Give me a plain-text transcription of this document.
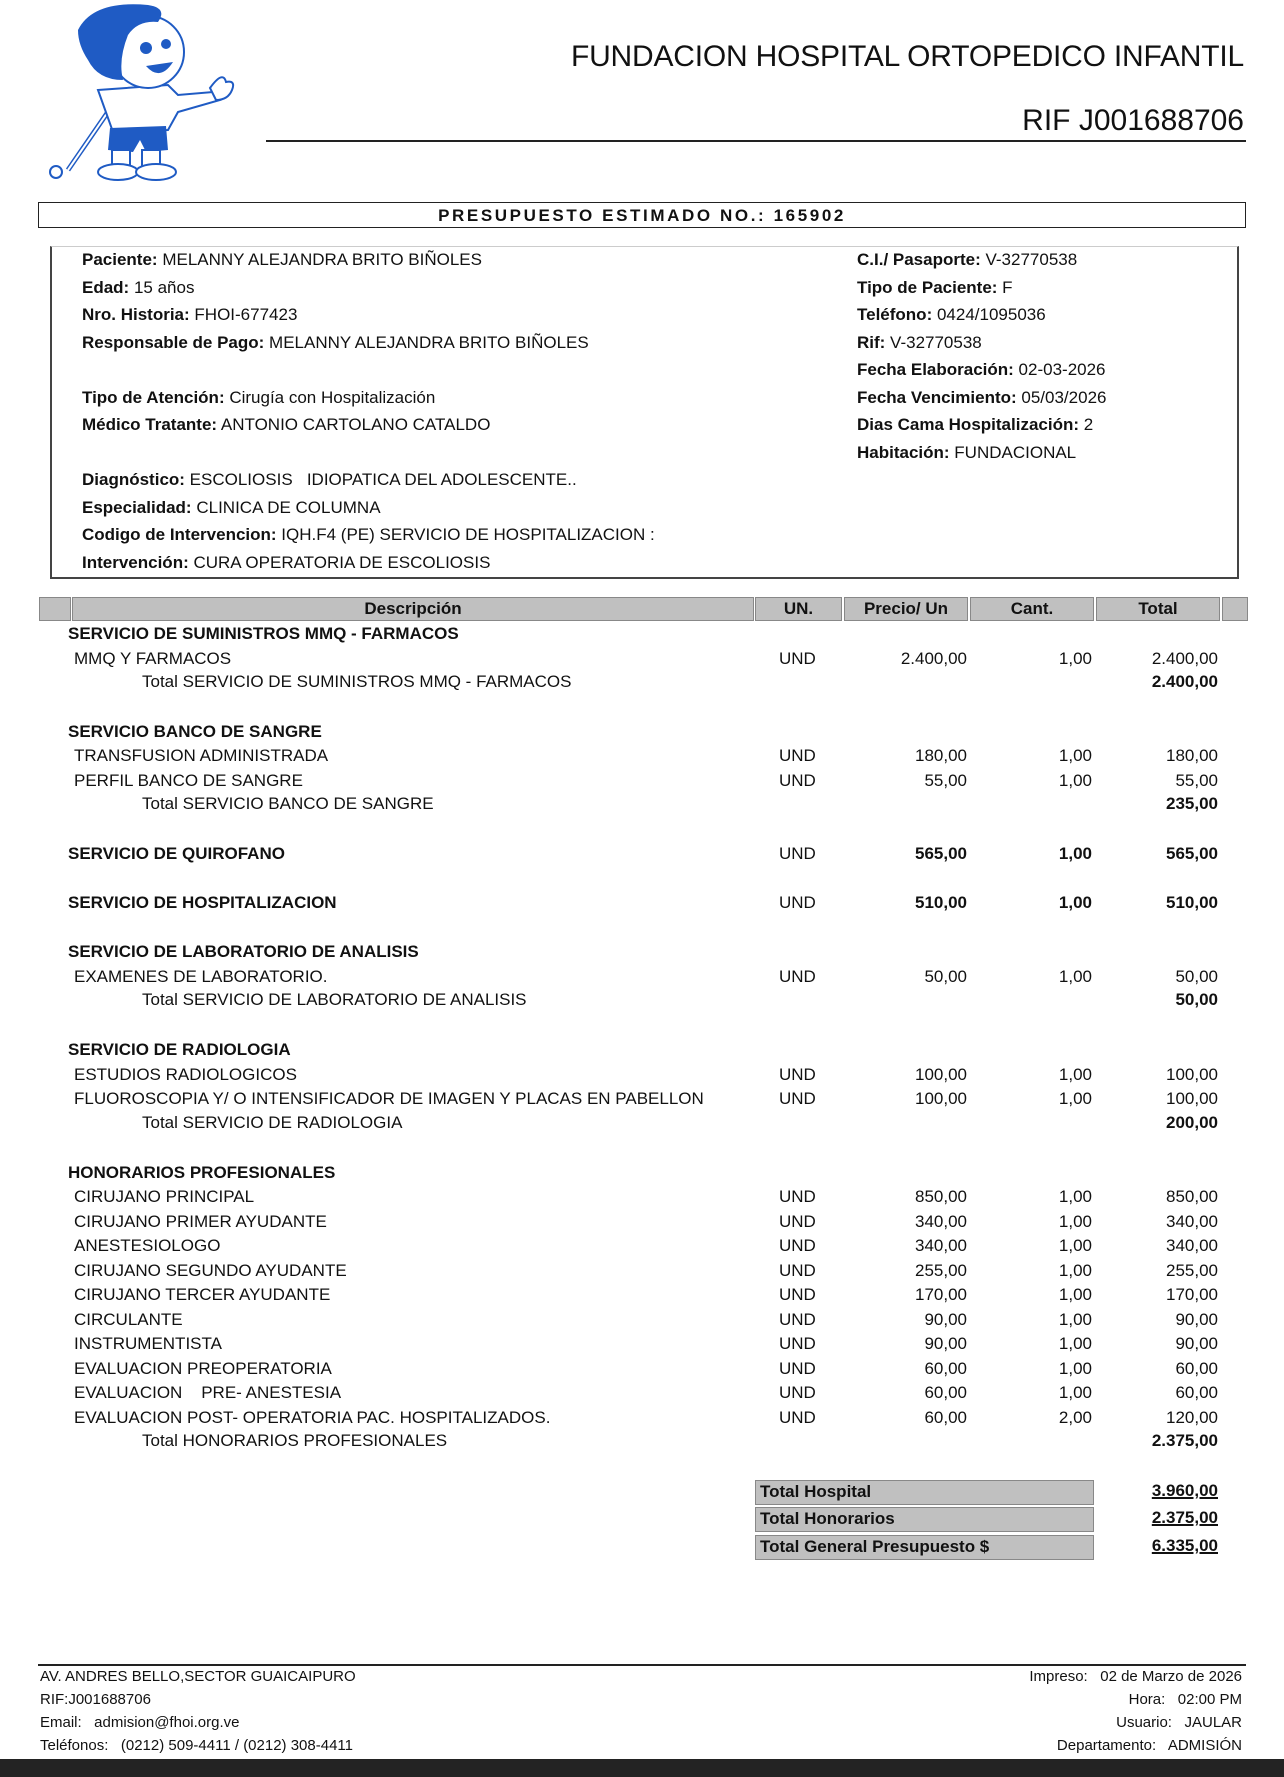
FUNDACION HOSPITAL ORTOPEDICO INFANTIL
RIF J001688706
PRESUPUESTO ESTIMADO NO.: 165902
Paciente: MELANNY ALEJANDRA BRITO BIÑOLES
Edad: 15 años
Nro. Historia: FHOI-677423
Responsable de Pago: MELANNY ALEJANDRA BRITO BIÑOLES
Tipo de Atención: Cirugía con Hospitalización
Médico Tratante: ANTONIO CARTOLANO CATALDO
Diagnóstico: ESCOLIOSIS   IDIOPATICA DEL ADOLESCENTE..
Especialidad: CLINICA DE COLUMNA
Codigo de Intervencion: IQH.F4 (PE) SERVICIO DE HOSPITALIZACION :
Intervención: CURA OPERATORIA DE ESCOLIOSIS
C.I./ Pasaporte: V-32770538
Tipo de Paciente: F
Teléfono: 0424/1095036
Rif: V-32770538
Fecha Elaboración: 02-03-2026
Fecha Vencimiento: 05/03/2026
Dias Cama Hospitalización: 2
Habitación: FUNDACIONAL
Descripción	UN.	Precio/ Un	Cant.	Total
SERVICIO DE SUMINISTROS MMQ - FARMACOS
MMQ Y FARMACOS	UND	2.400,00	1,00	2.400,00
Total SERVICIO DE SUMINISTROS MMQ - FARMACOS	2.400,00
SERVICIO BANCO DE SANGRE
TRANSFUSION ADMINISTRADA	UND	180,00	1,00	180,00
PERFIL BANCO DE SANGRE	UND	55,00	1,00	55,00
Total SERVICIO BANCO DE SANGRE	235,00
SERVICIO DE QUIROFANO	UND	565,00	1,00	565,00
SERVICIO DE HOSPITALIZACION	UND	510,00	1,00	510,00
SERVICIO DE LABORATORIO DE ANALISIS
EXAMENES DE LABORATORIO.	UND	50,00	1,00	50,00
Total SERVICIO DE LABORATORIO DE ANALISIS	50,00
SERVICIO DE RADIOLOGIA
ESTUDIOS RADIOLOGICOS	UND	100,00	1,00	100,00
FLUOROSCOPIA Y/ O INTENSIFICADOR DE IMAGEN Y PLACAS EN PABELLON	UND	100,00	1,00	100,00
Total SERVICIO DE RADIOLOGIA	200,00
HONORARIOS PROFESIONALES
CIRUJANO PRINCIPAL	UND	850,00	1,00	850,00
CIRUJANO PRIMER AYUDANTE	UND	340,00	1,00	340,00
ANESTESIOLOGO	UND	340,00	1,00	340,00
CIRUJANO SEGUNDO AYUDANTE	UND	255,00	1,00	255,00
CIRUJANO TERCER AYUDANTE	UND	170,00	1,00	170,00
CIRCULANTE	UND	90,00	1,00	90,00
INSTRUMENTISTA	UND	90,00	1,00	90,00
EVALUACION PREOPERATORIA	UND	60,00	1,00	60,00
EVALUACION    PRE- ANESTESIA	UND	60,00	1,00	60,00
EVALUACION POST- OPERATORIA PAC. HOSPITALIZADOS.	UND	60,00	2,00	120,00
Total HONORARIOS PROFESIONALES	2.375,00
Total Hospital	3.960,00
Total Honorarios	2.375,00
Total General Presupuesto $	6.335,00
AV. ANDRES BELLO,SECTOR GUAICAIPURO
RIF:J001688706
Email:   admision@fhoi.org.ve
Teléfonos:   (0212) 509-4411 / (0212) 308-4411
Impreso:   02 de Marzo de 2026
Hora:   02:00 PM
Usuario:   JAULAR
Departamento:   ADMISIÓN
